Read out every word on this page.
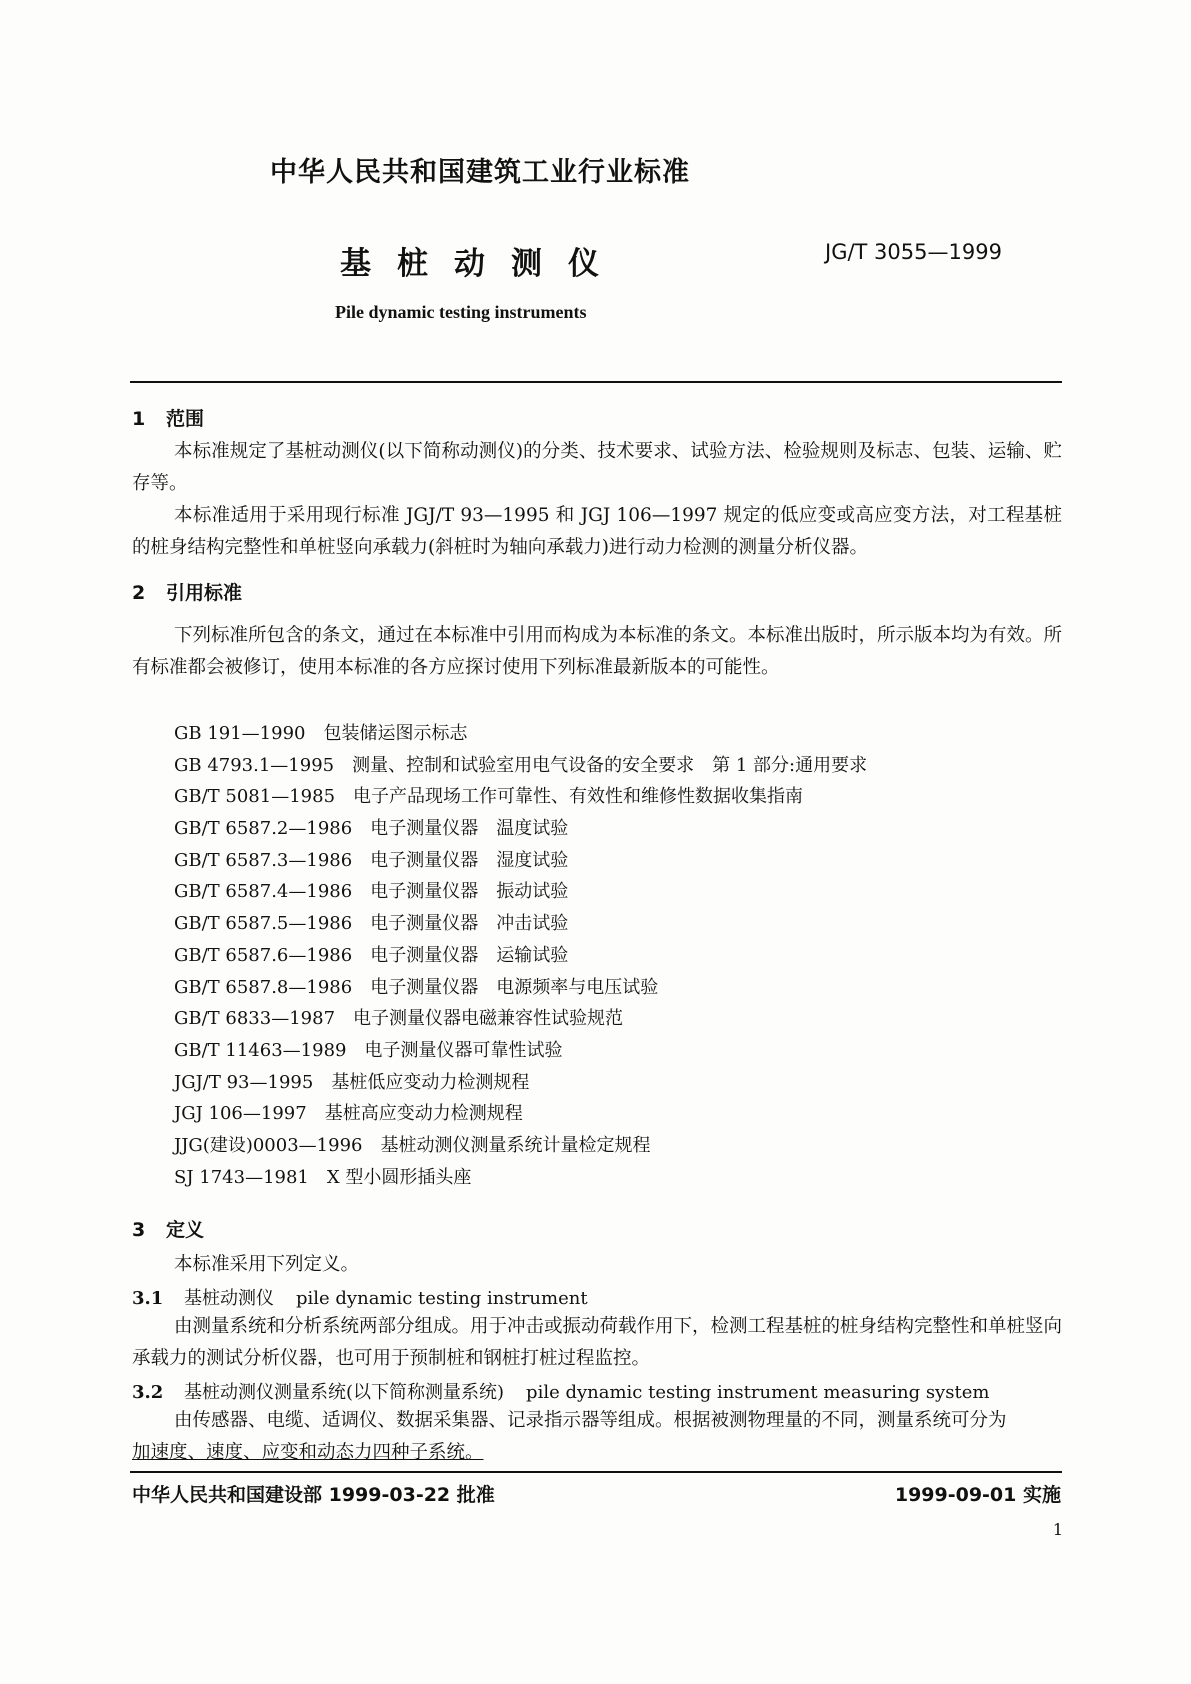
中华人民共和国建筑工业行业标准
基桩动测仪	JG/T 3055—1999
Pile dynamic testing instruments
1 范围
本标准规定了基桩动测仪(以下简称动测仪)的分类、技术要求、试验方法、检验规则及标志、包装、运输、贮存等。
本标准适用于采用现行标准 JGJ/T 93—1995 和 JGJ 106—1997 规定的低应变或高应变方法，对工程基桩的桩身结构完整性和单桩竖向承载力(斜桩时为轴向承载力)进行动力检测的测量分析仪器。
2 引用标准
下列标准所包含的条文，通过在本标准中引用而构成为本标准的条文。本标准出版时，所示版本均为有效。所有标准都会被修订，使用本标准的各方应探讨使用下列标准最新版本的可能性。
GB 191—1990 包装储运图示标志
GB 4793.1—1995 测量、控制和试验室用电气设备的安全要求　第 1 部分:通用要求
GB/T 5081—1985 电子产品现场工作可靠性、有效性和维修性数据收集指南
GB/T 6587.2—1986 电子测量仪器　温度试验
GB/T 6587.3—1986 电子测量仪器　湿度试验
GB/T 6587.4—1986 电子测量仪器　振动试验
GB/T 6587.5—1986 电子测量仪器　冲击试验
GB/T 6587.6—1986 电子测量仪器　运输试验
GB/T 6587.8—1986 电子测量仪器　电源频率与电压试验
GB/T 6833—1987 电子测量仪器电磁兼容性试验规范
GB/T 11463—1989 电子测量仪器可靠性试验
JGJ/T 93—1995 基桩低应变动力检测规程
JGJ 106—1997 基桩高应变动力检测规程
JJG(建设)0003—1996 基桩动测仪测量系统计量检定规程
SJ 1743—1981 X 型小圆形插头座
3 定义
本标准采用下列定义。
3.1 基桩动测仪 pile dynamic testing instrument
由测量系统和分析系统两部分组成。用于冲击或振动荷载作用下，检测工程基桩的桩身结构完整性和单桩竖向承载力的测试分析仪器，也可用于预制桩和钢桩打桩过程监控。
3.2 基桩动测仪测量系统(以下简称测量系统) pile dynamic testing instrument measuring system
由传感器、电缆、适调仪、数据采集器、记录指示器等组成。根据被测物理量的不同，测量系统可分为
加速度、速度、应变和动态力四种子系统。
中华人民共和国建设部 1999-03-22 批准	1999-09-01 实施
1
